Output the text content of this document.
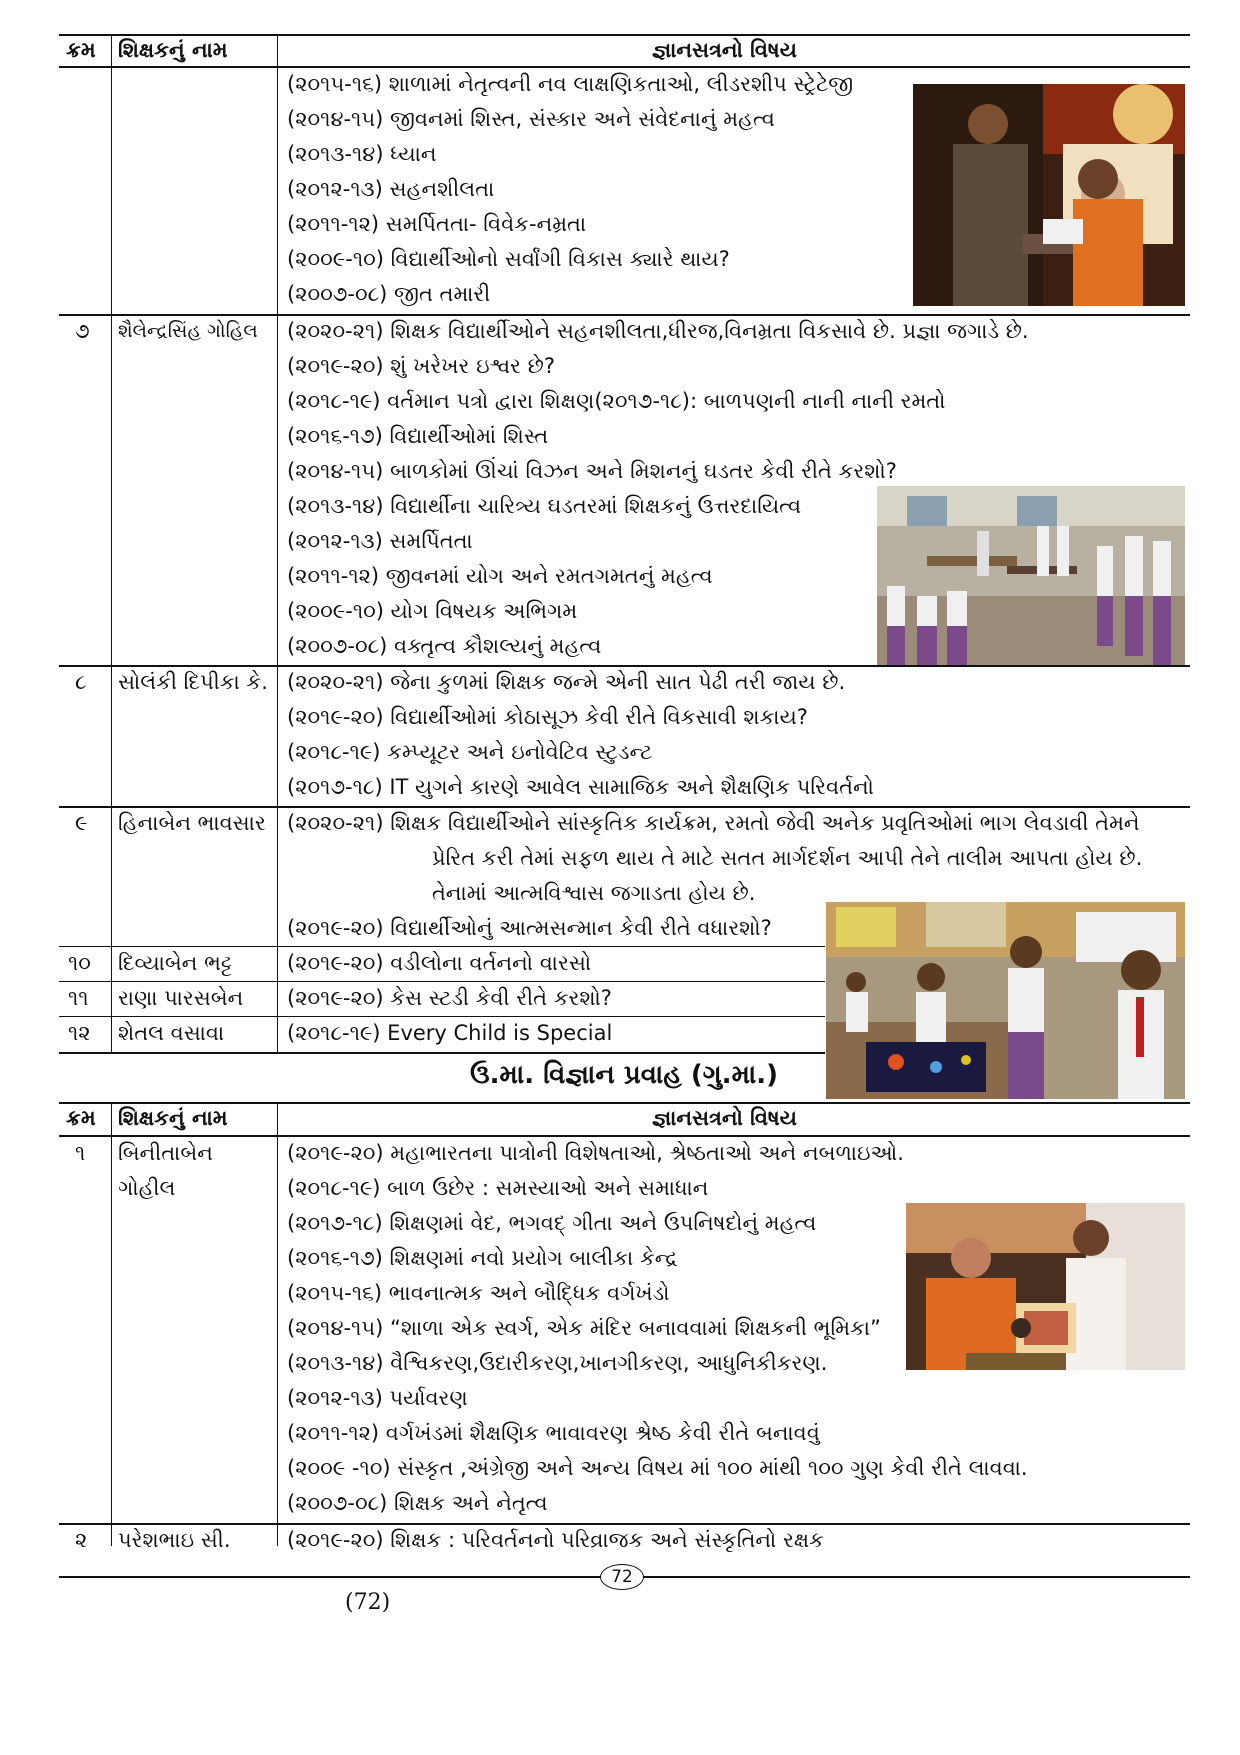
ક્રમ શિક્ષકનું નામ	જ્ઞાનસત્રનો વિષય
(૨૦૧૫-૧૬) શાળામાં નેતૃત્વની નવ લાક્ષણિકતાઓ, લીડરશીપ સ્ટ્રેટેજી
(૨૦૧૪-૧૫) જીવનમાં શિસ્ત, સંસ્કાર અને સંવેદનાનું મહત્વ
(૨૦૧૩-૧૪) ધ્યાન
(૨૦૧૨-૧૩) સહનશીલતા
(૨૦૧૧-૧૨) સમર્પિતતા- વિવેક-નમ્રતા
(૨૦૦૯-૧૦) વિદ્યાર્થીઓનો સર્વાંગી વિકાસ ક્યારે થાય?
(૨૦૦૭-૦૮) જીત તમારી
૭ શૈલેન્દ્રસિંહ ગોહિલ (૨૦૨૦-૨૧) શિક્ષક વિદ્યાર્થીઓને સહનશીલતા,ધીરજ,વિનમ્રતા વિકસાવે છે. પ્રજ્ઞા જગાડે છે.
(૨૦૧૯-૨૦) શું ખરેખર ઇશ્વર છે?
(૨૦૧૮-૧૯) વર્તમાન પત્રો દ્વારા શિક્ષણ(૨૦૧૭-૧૮): બાળપણની નાની નાની રમતો
(૨૦૧૬-૧૭) વિદ્યાર્થીઓમાં શિસ્ત
(૨૦૧૪-૧૫) બાળકોમાં ઊંચાં વિઝન અને મિશનનું ઘડતર કેવી રીતે કરશો?
(૨૦૧૩-૧૪) વિદ્યાર્થીના ચારિત્ર્ય ઘડતરમાં શિક્ષકનું ઉત્તરદાયિત્વ
(૨૦૧૨-૧૩) સમર્પિતતા
(૨૦૧૧-૧૨) જીવનમાં યોગ અને રમતગમતનું મહત્વ
(૨૦૦૯-૧૦) યોગ વિષયક અભિગમ
(૨૦૦૭-૦૮) વક્તૃત્વ કૌશલ્યનું મહત્વ
૮ સોલંકી દિપીકા કે. (૨૦૨૦-૨૧) જેના કુળમાં શિક્ષક જન્મે એની સાત પેઢી તરી જાય છે.
(૨૦૧૯-૨૦) વિદ્યાર્થીઓમાં કોઠાસૂઝ કેવી રીતે વિકસાવી શકાય?
(૨૦૧૮-૧૯) કમ્પ્યૂટર અને ઇનોવેટિવ સ્ટુડન્ટ
(૨૦૧૭-૧૮) IT યુગને કારણે આવેલ સામાજિક અને શૈક્ષણિક પરિવર્તનો
૯ હિનાબેન ભાવસાર (૨૦૨૦-૨૧) શિક્ષક વિદ્યાર્થીઓને સાંસ્કૃતિક કાર્યક્રમ, રમતો જેવી અનેક પ્રવૃતિઓમાં ભાગ લેવડાવી તેમને
પ્રેરિત કરી તેમાં સફળ થાય તે માટે સતત માર્ગદર્શન આપી તેને તાલીમ આપતા હોય છે.
તેનામાં આત્મવિશ્વાસ જગાડતા હોય છે.
(૨૦૧૯-૨૦) વિદ્યાર્થીઓનું આત્મસન્માન કેવી રીતે વધારશો?
૧૦ દિવ્યાબેન ભટ્ટ	(૨૦૧૯-૨૦) વડીલોના વર્તનનો વારસો
૧૧ રાણા પારસબેન (૨૦૧૯-૨૦) કેસ સ્ટડી કેવી રીતે કરશો?
૧૨ શેતલ વસાવા	(૨૦૧૮-૧૯) Every Child is Special
ઉ.મા. વિજ્ઞાન પ્રવાહ (ગુ.મા.)
ક્રમ શિક્ષકનું નામ	જ્ઞાનસત્રનો વિષય
૧ બિનીતાબેન
ગોહીલ
(૨૦૧૯-૨૦) મહાભારતના પાત્રોની વિશેષતાઓ, શ્રેષ્ઠતાઓ અને નબળાઇઓ.
(૨૦૧૮-૧૯) બાળ ઉછેર : સમસ્યાઓ અને સમાધાન
(૨૦૧૭-૧૮) શિક્ષણમાં વેદ, ભગવદ્ ગીતા અને ઉપનિષદોનું મહત્વ
(૨૦૧૬-૧૭) શિક્ષણમાં નવો પ્રયોગ બાલીકા કેન્દ્ર
(૨૦૧૫-૧૬) ભાવનાત્મક અને બૌદ્ધિક વર્ગખંડો
(૨૦૧૪-૧૫) “શાળા એક સ્વર્ગ, એક મંદિર બનાવવામાં શિક્ષકની ભૂમિકા”
(૨૦૧૩-૧૪) વૈશ્વિકરણ,ઉદારીકરણ,ખાનગીકરણ, આધુનિકીકરણ.
(૨૦૧૨-૧૩) પર્યાવરણ
(૨૦૧૧-૧૨) વર્ગખંડમાં શૈક્ષણિક ભાવાવરણ શ્રેષ્ઠ કેવી રીતે બનાવવું
(૨૦૦૯ -૧૦) સંસ્કૃત ,અંગ્રેજી અને અન્ય વિષય માં ૧૦૦ માંથી ૧૦૦ ગુણ કેવી રીતે લાવવા.
(૨૦૦૭-૦૮) શિક્ષક અને નેતૃત્વ
૨ પરેશભાઇ સી.	(૨૦૧૯-૨૦) શિક્ષક : પરિવર્તનનો પરિવ્રાજક અને સંસ્કૃતિનો રક્ષક
72
(72)
